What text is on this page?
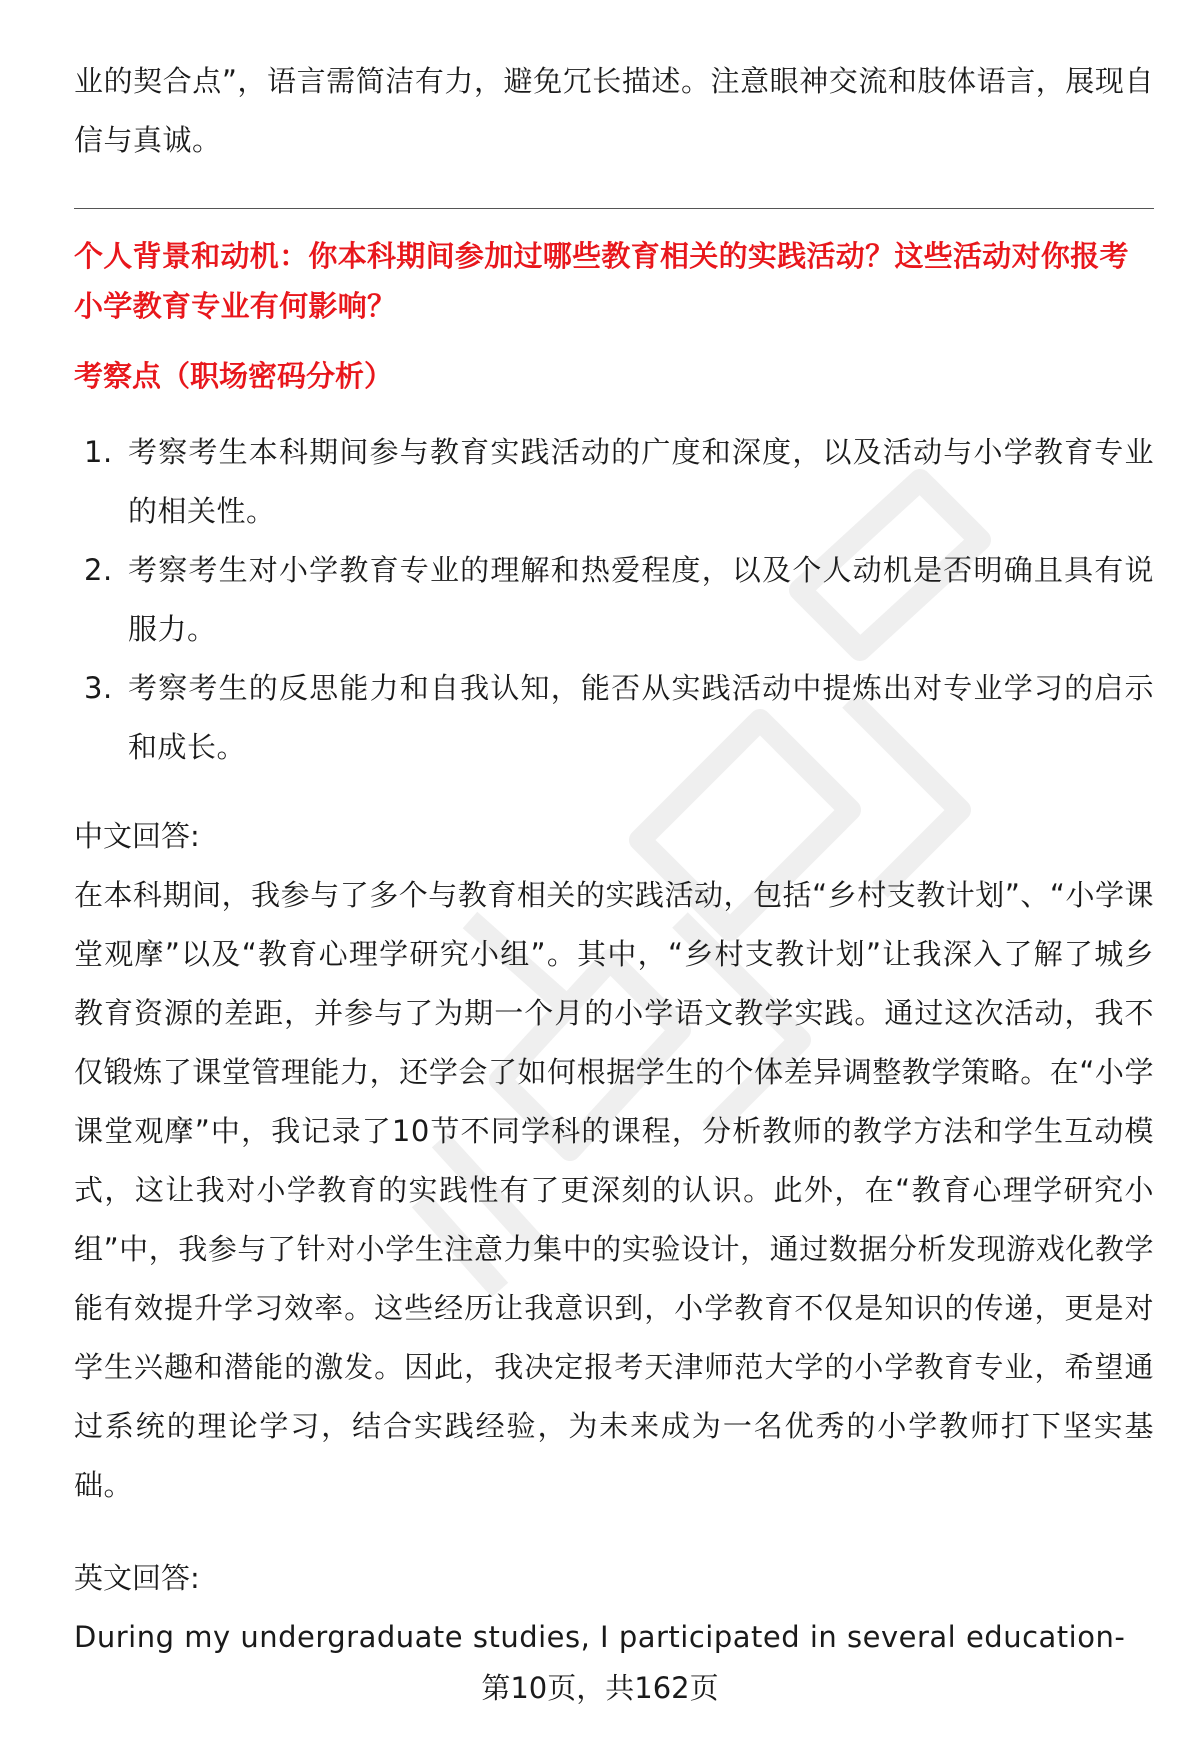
业的契合点”，语言需简洁有力，避免冗长描述。注意眼神交流和肢体语言，展现自信与真诚。

个人背景和动机：你本科期间参加过哪些教育相关的实践活动？这些活动对你报考小学教育专业有何影响？

考察点（职场密码分析）

1. 考察考生本科期间参与教育实践活动的广度和深度，以及活动与小学教育专业的相关性。
2. 考察考生对小学教育专业的理解和热爱程度，以及个人动机是否明确且具有说服力。
3. 考察考生的反思能力和自我认知，能否从实践活动中提炼出对专业学习的启示和成长。

中文回答:

在本科期间，我参与了多个与教育相关的实践活动，包括“乡村支教计划”、“小学课堂观摩”以及“教育心理学研究小组”。其中，“乡村支教计划”让我深入了解了城乡教育资源的差距，并参与了为期一个月的小学语文教学实践。通过这次活动，我不仅锻炼了课堂管理能力，还学会了如何根据学生的个体差异调整教学策略。在“小学课堂观摩”中，我记录了10节不同学科的课程，分析教师的教学方法和学生互动模式，这让我对小学教育的实践性有了更深刻的认识。此外，在“教育心理学研究小组”中，我参与了针对小学生注意力集中的实验设计，通过数据分析发现游戏化教学能有效提升学习效率。这些经历让我意识到，小学教育不仅是知识的传递，更是对学生兴趣和潜能的激发。因此，我决定报考天津师范大学的小学教育专业，希望通过系统的理论学习，结合实践经验，为未来成为一名优秀的小学教师打下坚实基础。

英文回答:

During my undergraduate studies, I participated in several education-

第10页，共162页
